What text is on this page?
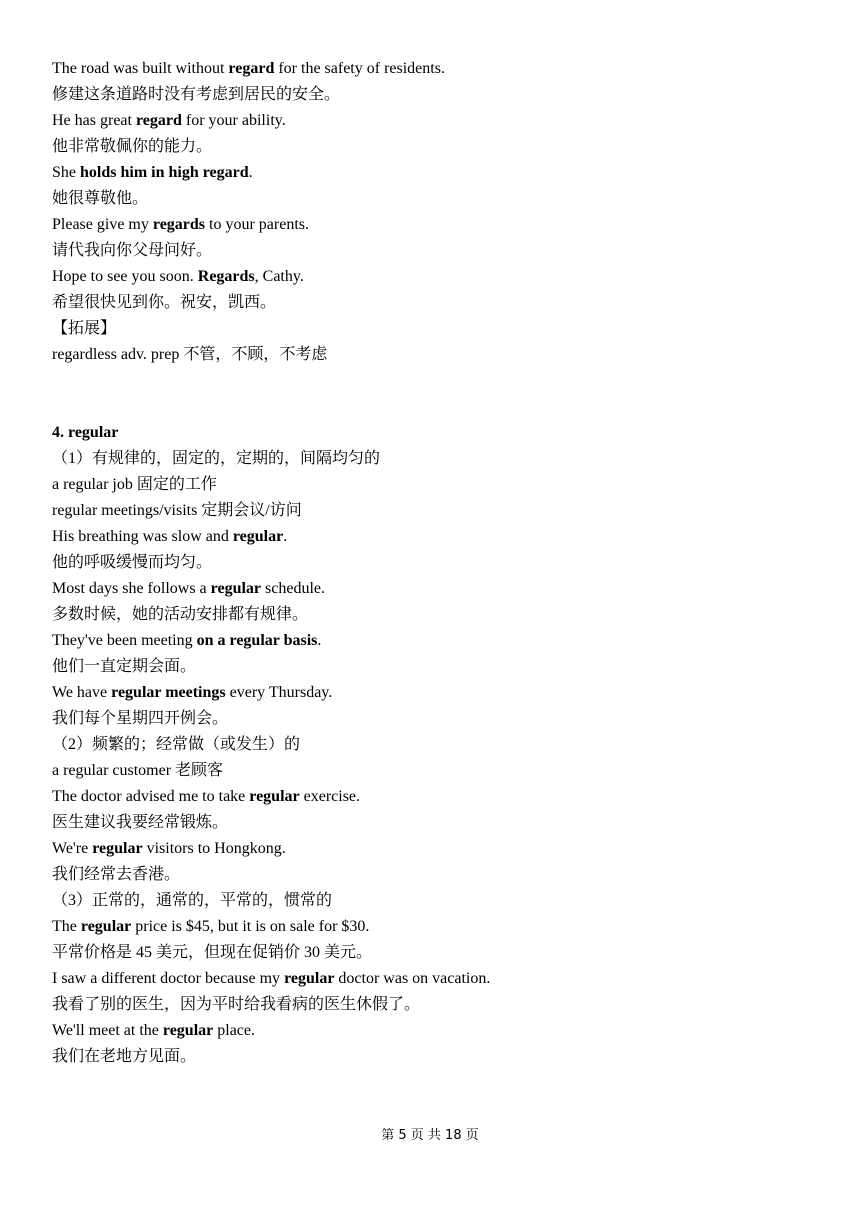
The road was built without regard for the safety of residents.
修建这条道路时没有考虑到居民的安全。
He has great regard for your ability.
他非常敬佩你的能力。
She holds him in high regard.
她很尊敬他。
Please give my regards to your parents.
请代我向你父母问好。
Hope to see you soon. Regards, Cathy.
希望很快见到你。祝安，凯西。
【拓展】
regardless adv. prep 不管，不顾，不考虑
4. regular
（1）有规律的，固定的，定期的，间隔均匀的
a regular job 固定的工作
regular meetings/visits 定期会议/访问
His breathing was slow and regular.
他的呼吸缓慢而均匀。
Most days she follows a regular schedule.
多数时候，她的活动安排都有规律。
They've been meeting on a regular basis.
他们一直定期会面。
We have regular meetings every Thursday.
我们每个星期四开例会。
（2）频繁的；经常做（或发生）的
a regular customer 老顾客
The doctor advised me to take regular exercise.
医生建议我要经常锻炼。
We're regular visitors to Hongkong.
我们经常去香港。
（3）正常的，通常的，平常的，惯常的
The regular price is $45, but it is on sale for $30.
平常价格是 45 美元，但现在促销价 30 美元。
I saw a different doctor because my regular doctor was on vacation.
我看了别的医生，因为平时给我看病的医生休假了。
We'll meet at the regular place.
我们在老地方见面。
第 5 页 共 18 页
